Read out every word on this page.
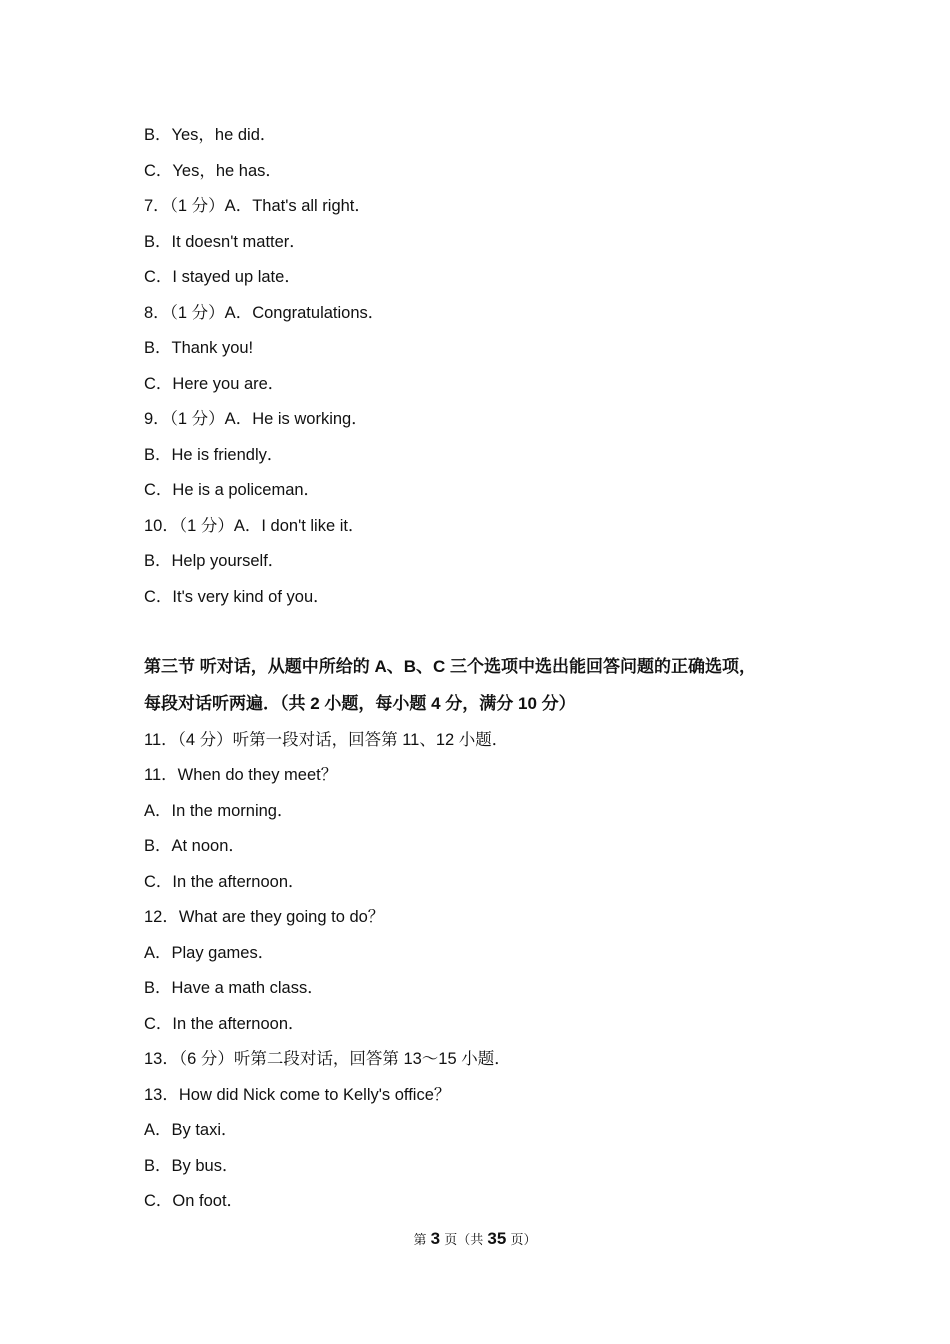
B．Yes，he did．
C．Yes，he has．
7．（1 分）A．That's all right．
B．It doesn't matter．
C．I stayed up late．
8．（1 分）A．Congratulations．
B．Thank you!
C．Here you are．
9．（1 分）A．He is working．
B．He is friendly．
C．He is a policeman．
10．（1 分）A．I don't like it．
B．Help yourself．
C．It's very kind of you．
第三节 听对话，从题中所给的 A、B、C 三个选项中选出能回答问题的正确选项，
每段对话听两遍．（共 2 小题，每小题 4 分，满分 10 分）
11．（4 分）听第一段对话，回答第 11、12 小题．
11．When do they meet？
A．In the morning．
B．At noon．
C．In the afternoon．
12．What are they going to do？
A．Play games．
B．Have a math class．
C．In the afternoon．
13．（6 分）听第二段对话，回答第 13～15 小题．
13．How did Nick come to Kelly's office？
A．By taxi．
B．By bus．
C．On foot．
第 3 页（共 35 页）
